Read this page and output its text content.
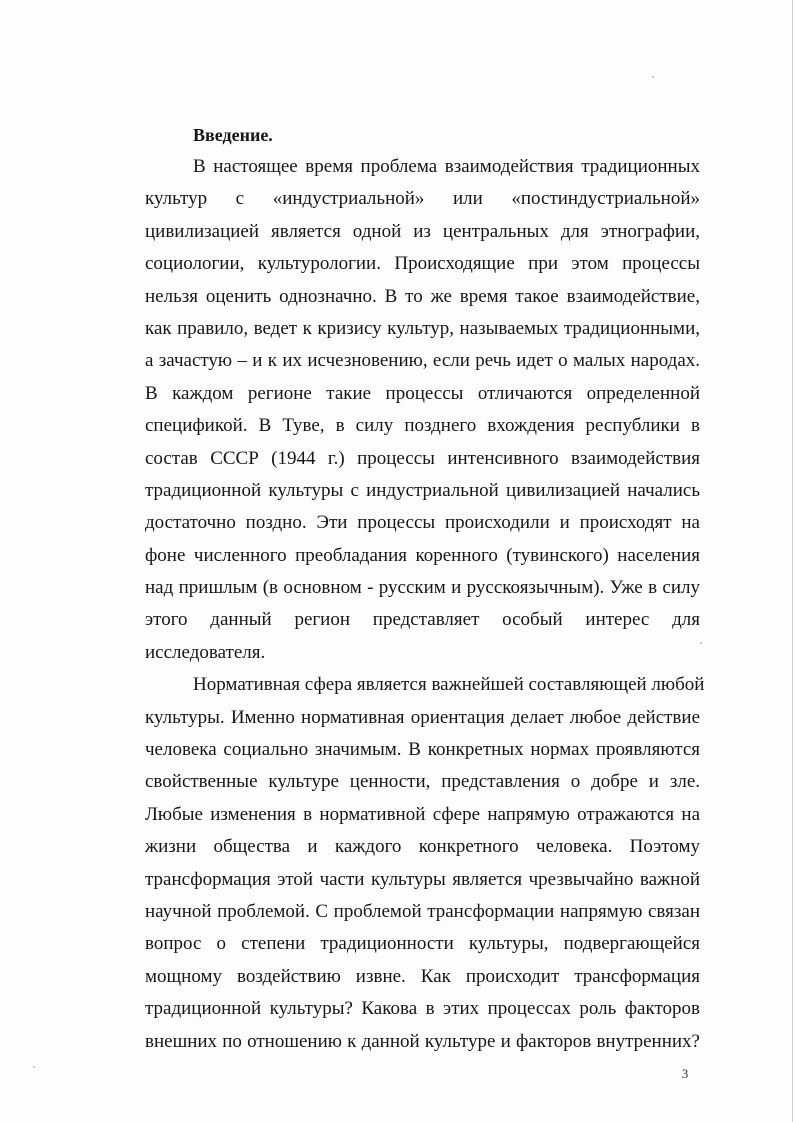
Введение.
В настоящее время проблема взаимодействия традиционных
культур с «индустриальной» или «постиндустриальной»
цивилизацией является одной из центральных для этнографии,
социологии, культурологии. Происходящие при этом процессы
нельзя оценить однозначно. В то же время такое взаимодействие,
как правило, ведет к кризису культур, называемых традиционными,
а зачастую – и к их исчезновению, если речь идет о малых народах.
В каждом регионе такие процессы отличаются определенной
спецификой. В Туве, в силу позднего вхождения республики в
состав СССР (1944 г.) процессы интенсивного взаимодействия
традиционной культуры с индустриальной цивилизацией начались
достаточно поздно. Эти процессы происходили и происходят на
фоне численного преобладания коренного (тувинского) населения
над пришлым (в основном - русским и русскоязычным). Уже в силу
этого данный регион представляет особый интерес для
исследователя.
Нормативная сфера является важнейшей составляющей любой
культуры. Именно нормативная ориентация делает любое действие
человека социально значимым. В конкретных нормах проявляются
свойственные культуре ценности, представления о добре и зле.
Любые изменения в нормативной сфере напрямую отражаются на
жизни общества и каждого конкретного человека. Поэтому
трансформация этой части культуры является чрезвычайно важной
научной проблемой. С проблемой трансформации напрямую связан
вопрос о степени традиционности культуры, подвергающейся
мощному воздействию извне. Как происходит трансформация
традиционной культуры? Какова в этих процессах роль факторов
внешних по отношению к данной культуре и факторов внутренних?
3
